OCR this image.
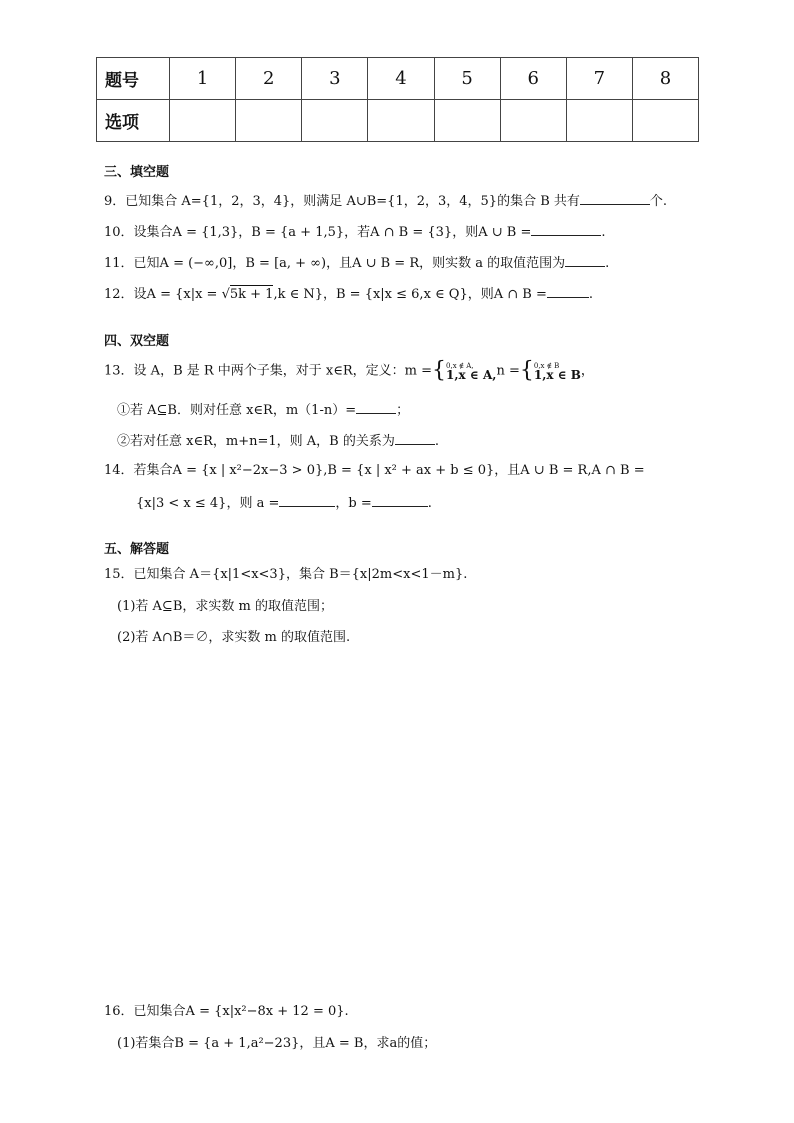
题号	1	2	3	4	5	6	7	8
选项								
三、填空题
9．已知集合 A={1，2，3，4}，则满足 A∪B={1，2，3，4，5}的集合 B 共有	个.
10．设集合A = {1,3}，B = {a + 1,5}，若A ∩ B = {3}，则A ∪ B =	.
11．已知A = (−∞,0]，B = [a, + ∞)，且A ∪ B = R，则实数 a 的取值范围为	.
12．设A = {x|x = √5k + 1,k ∈ N}，B = {x|x ≤ 6,x ∈ Q}，则A ∩ B =	.
四、双空题
13．设 A，B 是 R 中两个子集，对于 x∈R，定义：m ={ 0,x ∉ A,
1,x ∈ A, n ={ 0,x ∉ B
1,x ∈ B ，
①若 A⊆B．则对任意 x∈R，m（1-n）=	；
②若对任意 x∈R，m+n=1，则 A，B 的关系为	.
14．若集合A = {x | x²−2x−3 > 0},B = {x | x² + ax + b ≤ 0}，且A ∪ B = R,A ∩ B =
{x|3 < x ≤ 4}，则 a =	，b =	.
五、解答题
15．已知集合 A＝{x|1<x<3}，集合 B＝{x|2m<x<1－m}.
(1)若 A⊆B，求实数 m 的取值范围；
(2)若 A∩B＝∅，求实数 m 的取值范围.
16．已知集合A = {x|x²−8x + 12 = 0}.
(1)若集合B = {a + 1,a²−23}，且A = B，求a的值；
